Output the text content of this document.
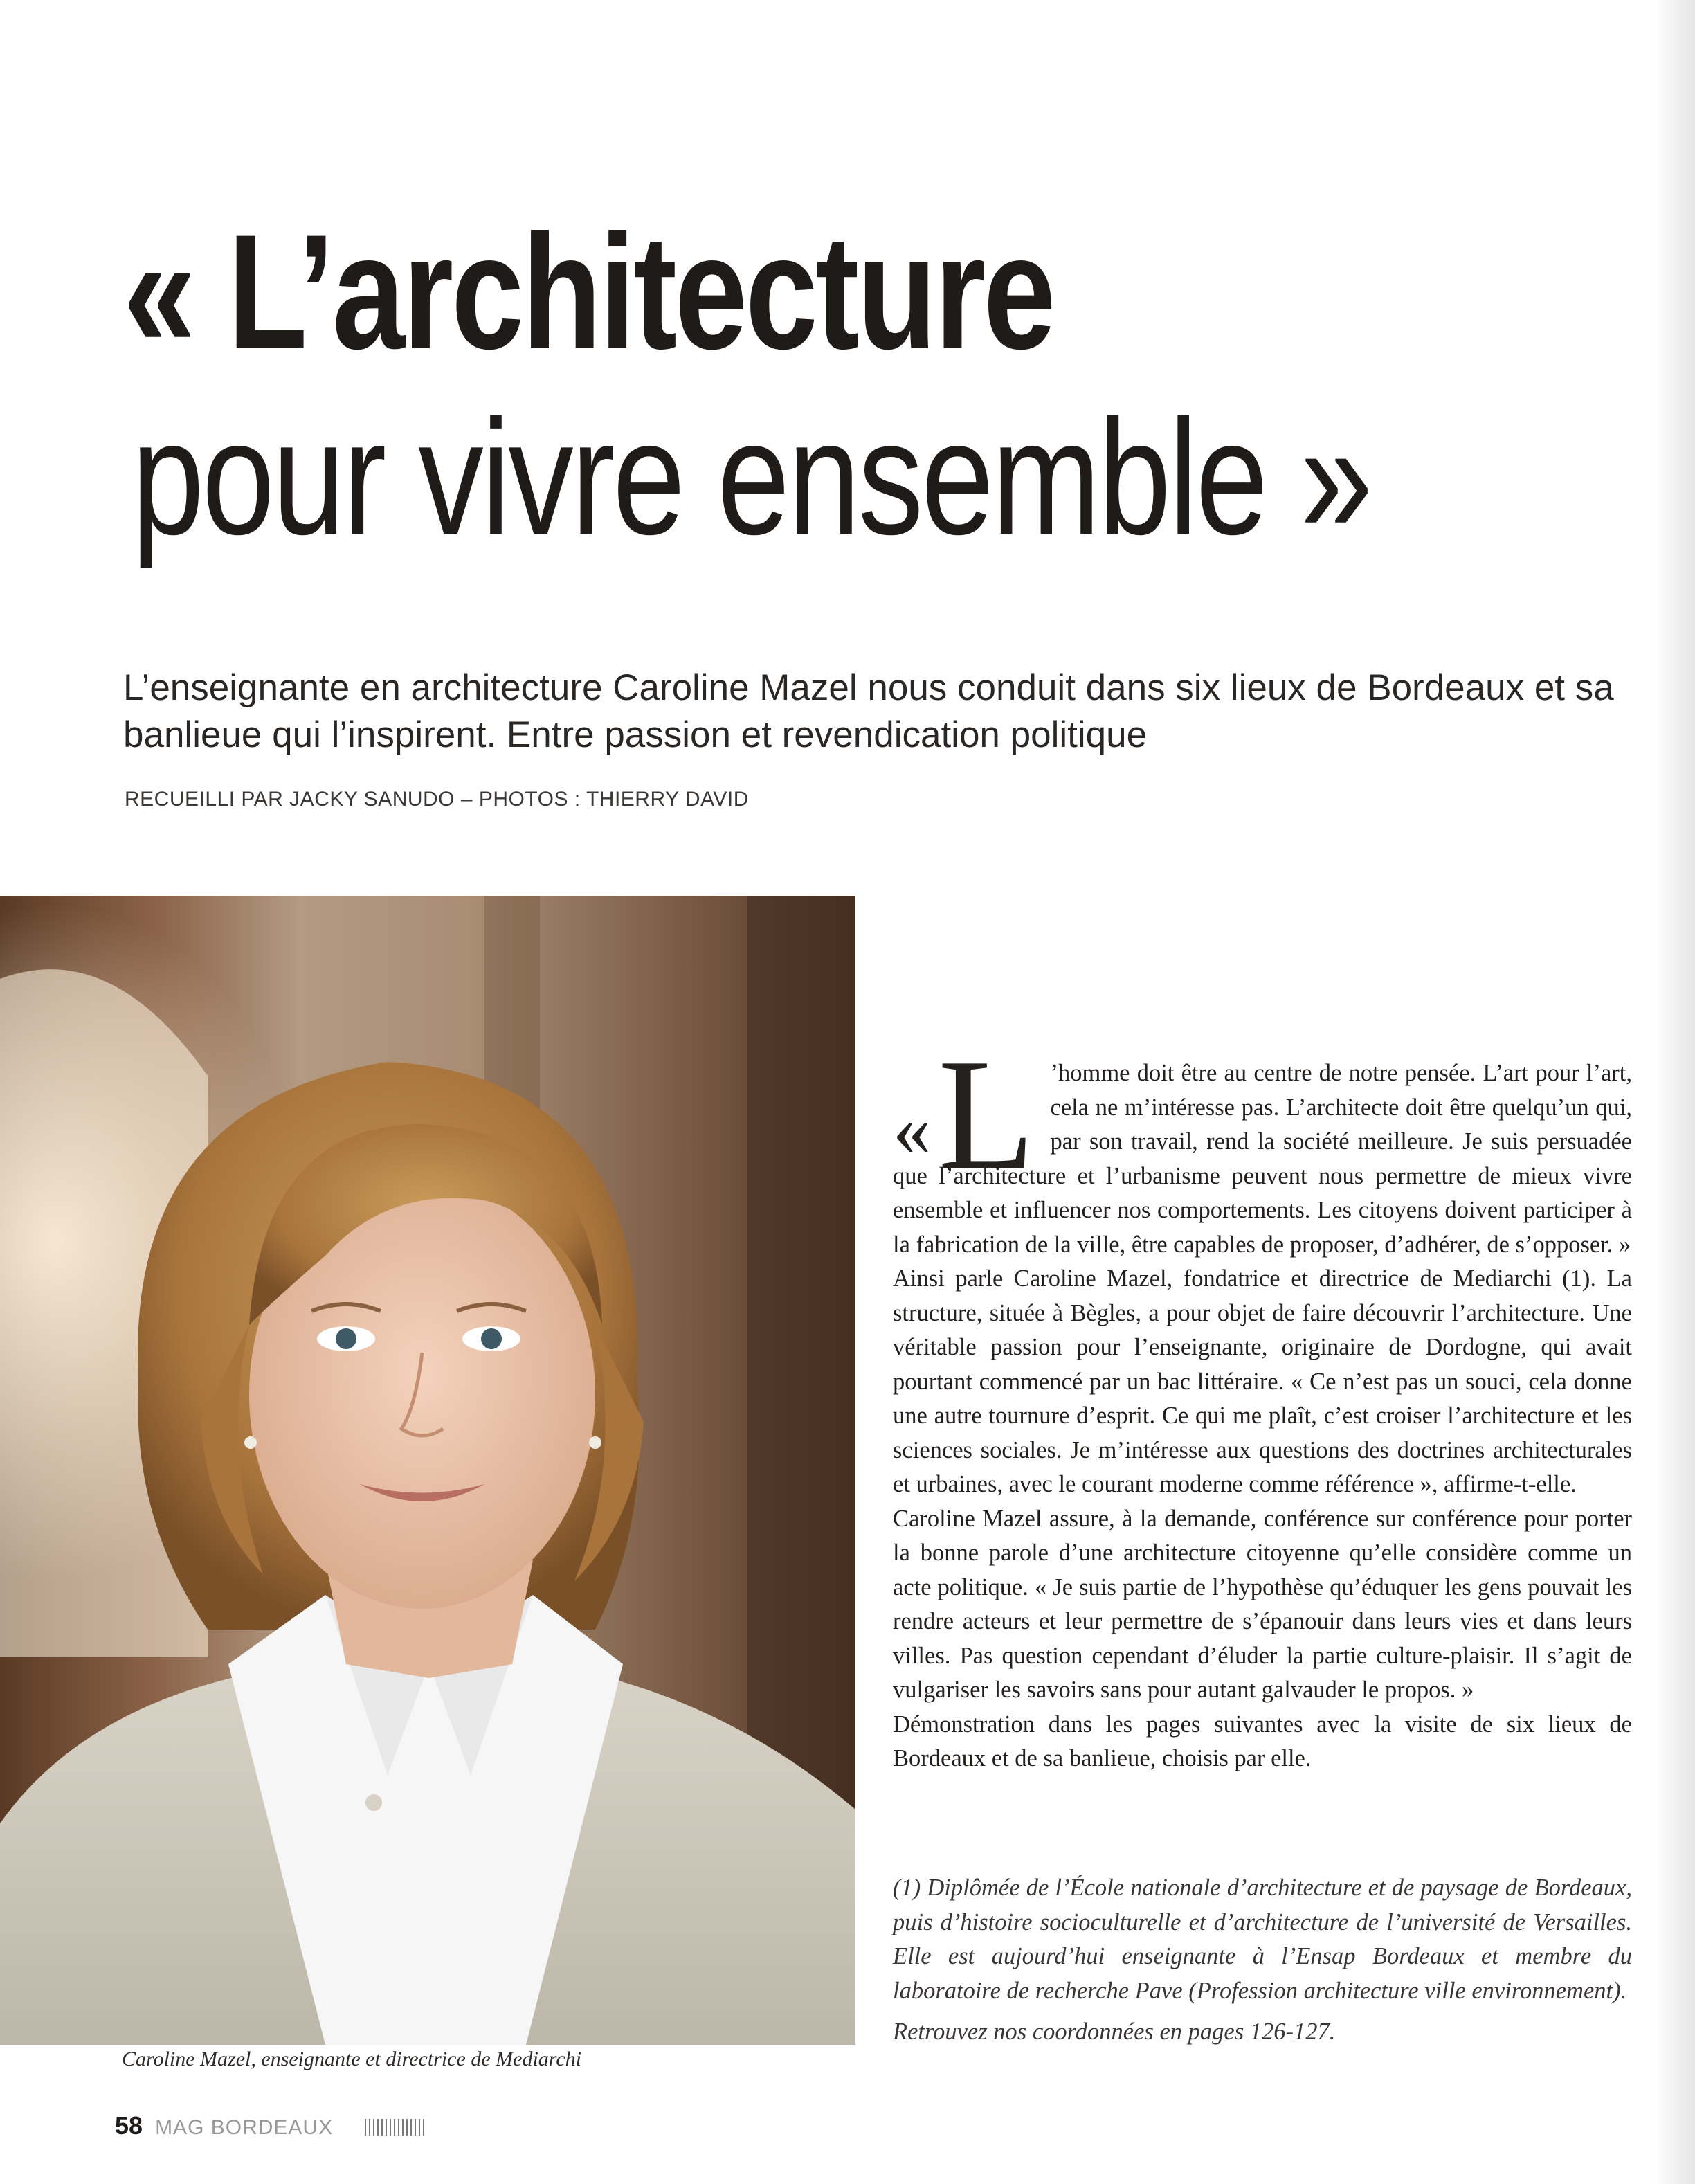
« L’architecture
pour vivre ensemble »
L’enseignante en architecture Caroline Mazel nous conduit dans six lieux de Bordeaux et sa banlieue qui l’inspirent. Entre passion et revendication politique
RECUEILLI PAR JACKY SANUDO – PHOTOS : THIERRY DAVID
Caroline Mazel, enseignante et directrice de Mediarchi
« L ’homme doit être au centre de notre pensée. L’art pour l’art, cela ne m’intéresse pas. L’architecte doit être quelqu’un qui, par son travail, rend la société meilleure. Je suis persuadée que l’architecture et l’urbanisme peuvent nous permettre de mieux vivre ensemble et influencer nos comportements. Les citoyens doivent participer à la fabrication de la ville, être capables de proposer, d’adhérer, de s’opposer. »

Ainsi parle Caroline Mazel, fondatrice et directrice de Mediarchi (1). La structure, située à Bègles, a pour objet de faire découvrir l’architecture. Une véritable passion pour l’enseignante, originaire de Dordogne, qui avait pourtant commencé par un bac littéraire. « Ce n’est pas un souci, cela donne une autre tournure d’esprit. Ce qui me plaît, c’est croiser l’architecture et les sciences sociales. Je m’intéresse aux questions des doctrines architecturales et urbaines, avec le courant moderne comme référence », affirme-t-elle.

Caroline Mazel assure, à la demande, conférence sur conférence pour porter la bonne parole d’une architecture citoyenne qu’elle considère comme un acte politique. « Je suis partie de l’hypothèse qu’éduquer les gens pouvait les rendre acteurs et leur permettre de s’épanouir dans leurs vies et dans leurs villes. Pas question cependant d’éluder la partie culture-plaisir. Il s’agit de vulgariser les savoirs sans pour autant galvauder le propos. »

Démonstration dans les pages suivantes avec la visite de six lieux de Bordeaux et de sa banlieue, choisis par elle.

(1) Diplômée de l’École nationale d’architecture et de paysage de Bordeaux, puis d’histoire socioculturelle et d’architecture de l’université de Versailles. Elle est aujourd’hui enseignante à l’Ensap Bordeaux et membre du laboratoire de recherche Pave (Profession architecture ville environnement).

Retrouvez nos coordonnées en pages 126-127.

58 MAG BORDEAUX
